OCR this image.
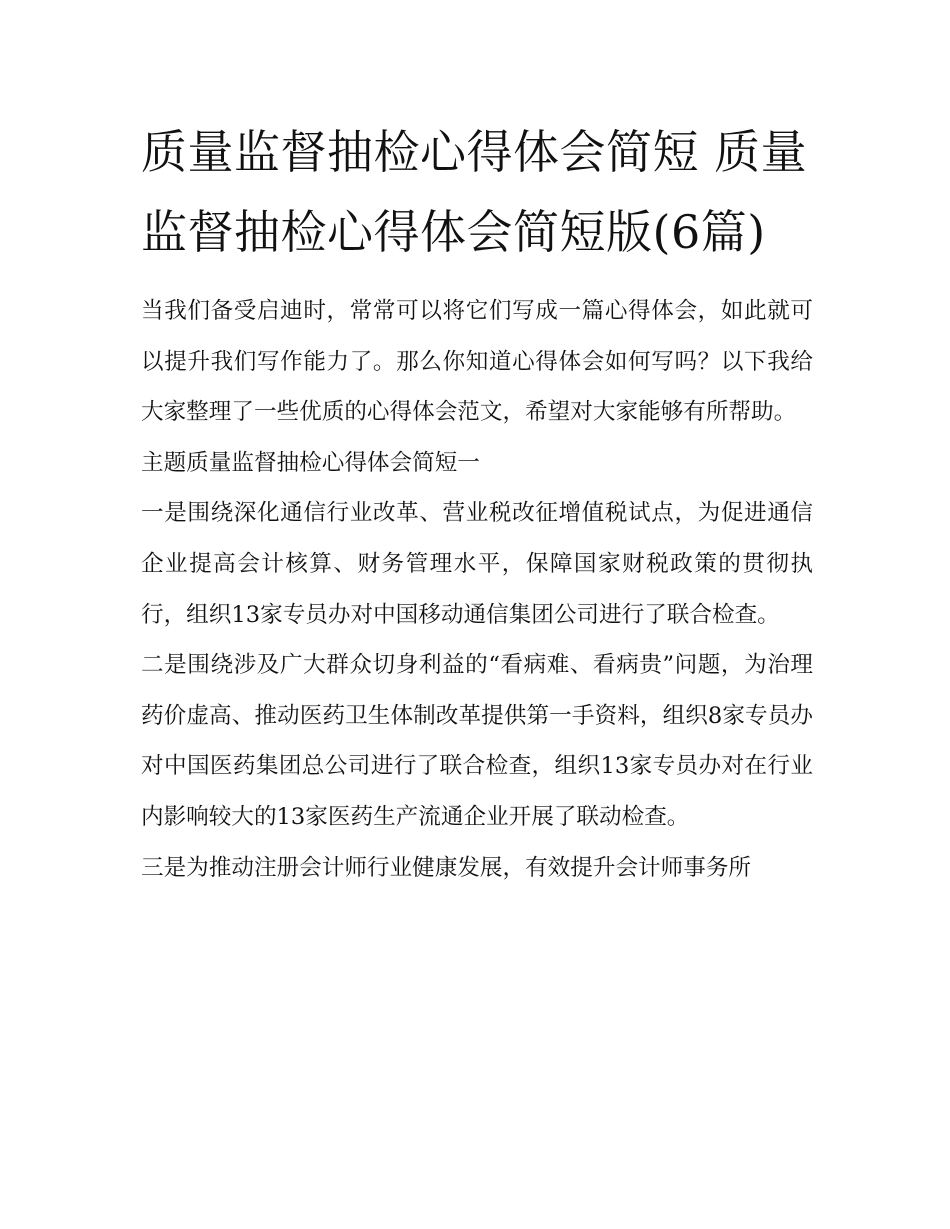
质量监督抽检心得体会简短 质量监督抽检心得体会简短版(6篇)

当我们备受启迪时，常常可以将它们写成一篇心得体会，如此就可以提升我们写作能力了。那么你知道心得体会如何写吗？以下我给大家整理了一些优质的心得体会范文，希望对大家能够有所帮助。

主题质量监督抽检心得体会简短一

一是围绕深化通信行业改革、营业税改征增值税试点，为促进通信企业提高会计核算、财务管理水平，保障国家财税政策的贯彻执行，组织13家专员办对中国移动通信集团公司进行了联合检查。

二是围绕涉及广大群众切身利益的“看病难、看病贵”问题，为治理药价虚高、推动医药卫生体制改革提供第一手资料，组织8家专员办对中国医药集团总公司进行了联合检查，组织13家专员办对在行业内影响较大的13家医药生产流通企业开展了联动检查。

三是为推动注册会计师行业健康发展，有效提升会计师事务所
